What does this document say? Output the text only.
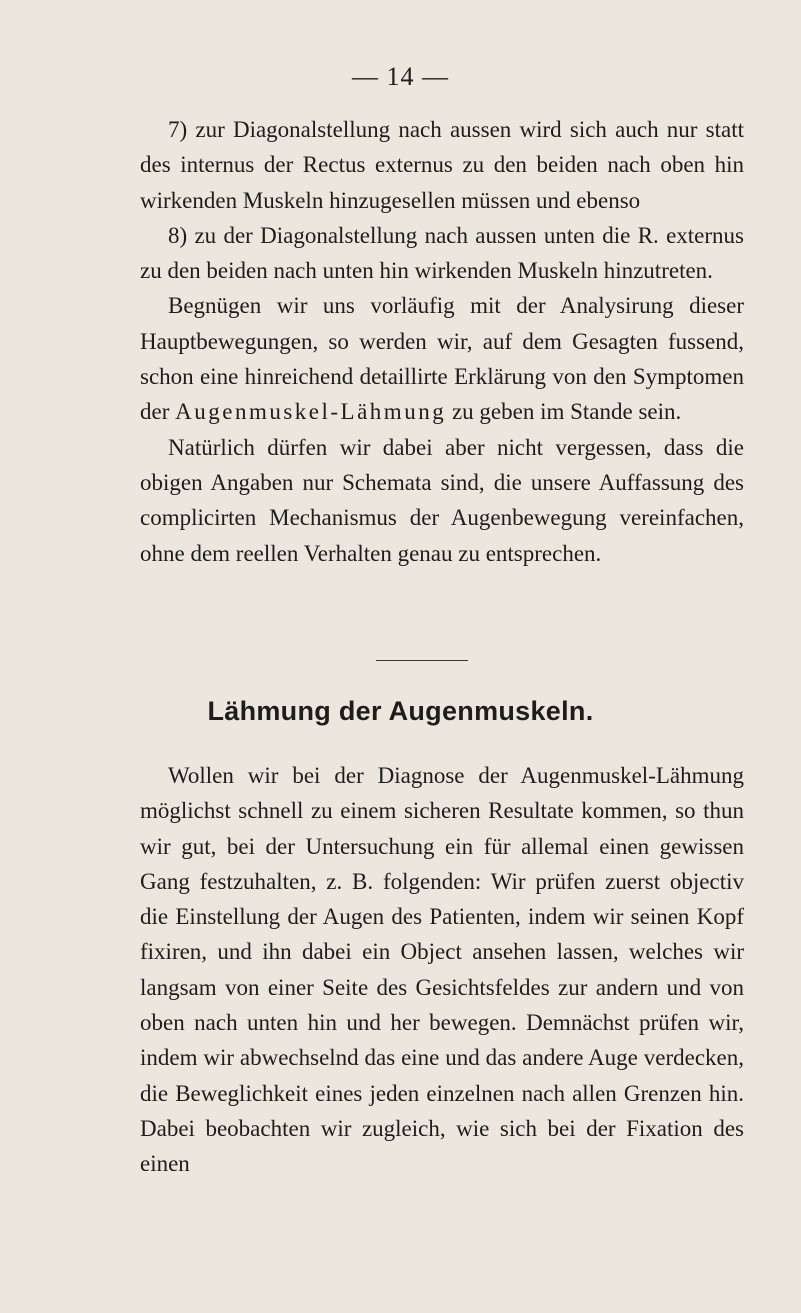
— 14 —

7) zur Diagonalstellung nach aussen wird sich auch nur statt des internus der Rectus externus zu den beiden nach oben hin wirkenden Muskeln hinzugesellen müssen und ebenso

8) zu der Diagonalstellung nach aussen unten die R. externus zu den beiden nach unten hin wirkenden Muskeln hinzutreten.

Begnügen wir uns vorläufig mit der Analysirung dieser Hauptbewegungen, so werden wir, auf dem Gesagten fussend, schon eine hinreichend detaillirte Erklärung von den Symptomen der Augenmuskel-Lähmung zu geben im Stande sein.

Natürlich dürfen wir dabei aber nicht vergessen, dass die obigen Angaben nur Schemata sind, die unsere Auffassung des complicirten Mechanismus der Augenbewegung vereinfachen, ohne dem reellen Verhalten genau zu entsprechen.

Lähmung der Augenmuskeln.

Wollen wir bei der Diagnose der Augenmuskel-Lähmung möglichst schnell zu einem sicheren Resultate kommen, so thun wir gut, bei der Untersuchung ein für allemal einen gewissen Gang festzuhalten, z. B. folgenden: Wir prüfen zuerst objectiv die Einstellung der Augen des Patienten, indem wir seinen Kopf fixiren, und ihn dabei ein Object ansehen lassen, welches wir langsam von einer Seite des Gesichtsfeldes zur andern und von oben nach unten hin und her bewegen. Demnächst prüfen wir, indem wir abwechselnd das eine und das andere Auge verdecken, die Beweglichkeit eines jeden einzelnen nach allen Grenzen hin. Dabei beobachten wir zugleich, wie sich bei der Fixation des einen
